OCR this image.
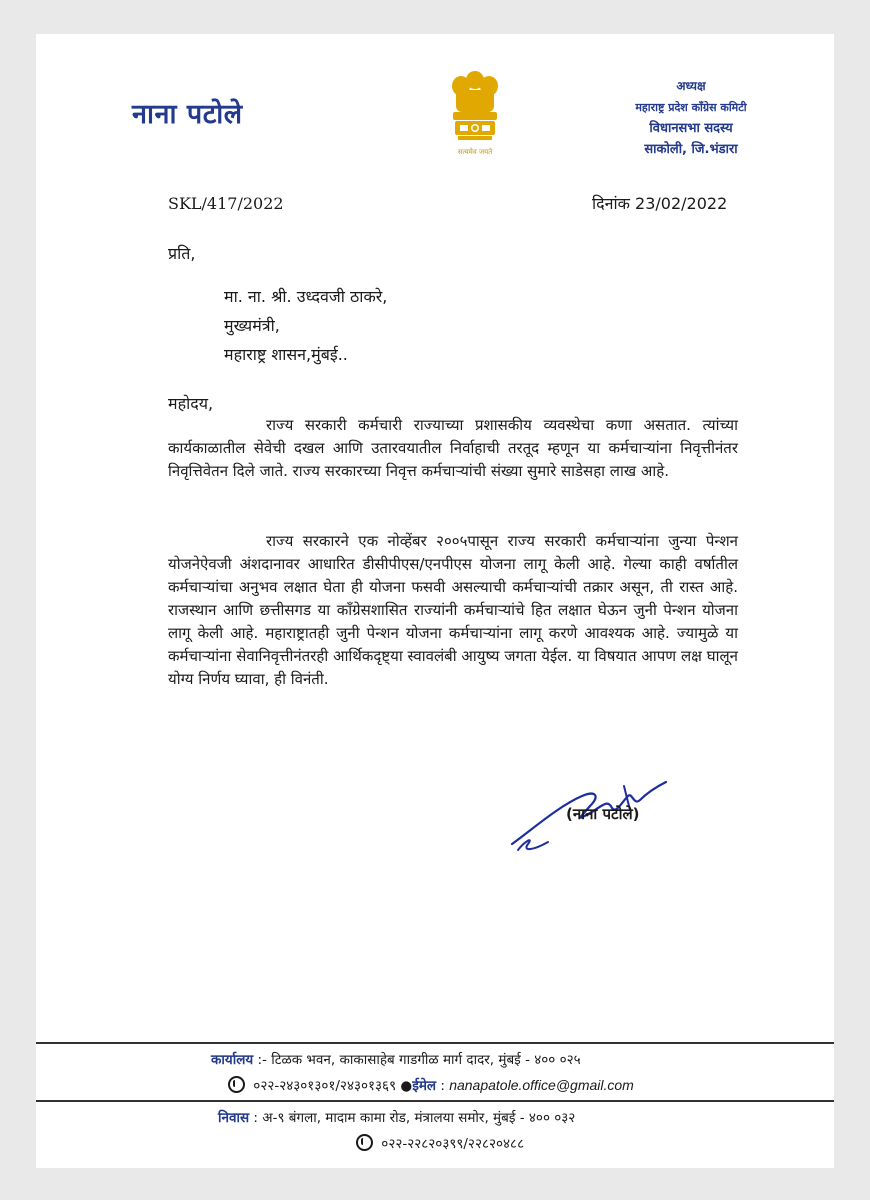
नाना पटोले
सत्यमेव जयते
अध्यक्ष
महाराष्ट्र प्रदेश कॉंग्रेस कमिटी
विधानसभा सदस्य
साकोली, जि.भंडारा
SKL/417/2022	दिनांक 23/02/2022
प्रति,
मा. ना. श्री. उध्दवजी ठाकरे,
मुख्यमंत्री,
महाराष्ट्र शासन,मुंबई..
महोदय,

राज्य सरकारी कर्मचारी राज्याच्या प्रशासकीय व्यवस्थेचा कणा असतात. त्यांच्या कार्यकाळातील सेवेची दखल आणि उतारवयातील निर्वाहाची तरतूद म्हणून या कर्मचाऱ्यांना निवृत्तीनंतर निवृत्तिवेतन दिले जाते. राज्य सरकारच्या निवृत्त कर्मचाऱ्यांची संख्या सुमारे साडेसहा लाख आहे.

राज्य सरकारने एक नोव्हेंबर २००५पासून राज्य सरकारी कर्मचाऱ्यांना जुन्या पेन्शन योजनेऐवजी अंशदानावर आधारित डीसीपीएस/एनपीएस योजना लागू केली आहे. गेल्या काही वर्षातील कर्मचाऱ्यांचा अनुभव लक्षात घेता ही योजना फसवी असल्याची कर्मचाऱ्यांची तक्रार असून, ती रास्त आहे. राजस्थान आणि छत्तीसगड या कॉंग्रेसशासित राज्यांनी कर्मचाऱ्यांचे हित लक्षात घेऊन जुनी पेन्शन योजना लागू केली आहे. महाराष्ट्रातही जुनी पेन्शन योजना कर्मचाऱ्यांना लागू करणे आवश्यक आहे. ज्यामुळे या कर्मचाऱ्यांना सेवानिवृत्तीनंतरही आर्थिकदृष्ट्या स्वावलंबी आयुष्य जगता येईल. या विषयात आपण लक्ष घालून योग्य निर्णय घ्यावा, ही विनंती.

(नाना पटोले)
कार्यालय :- टिळक भवन, काकासाहेब गाडगीळ मार्ग दादर, मुंबई - ४०० ०२५
०२२-२४३०१३०१/२४३०१३६९ ●ईमेल : nanapatole.office@gmail.com
निवास : अ-९ बंगला, मादाम कामा रोड, मंत्रालया समोर, मुंबई - ४०० ०३२
०२२-२२८२०३९९/२२८२०४८८
